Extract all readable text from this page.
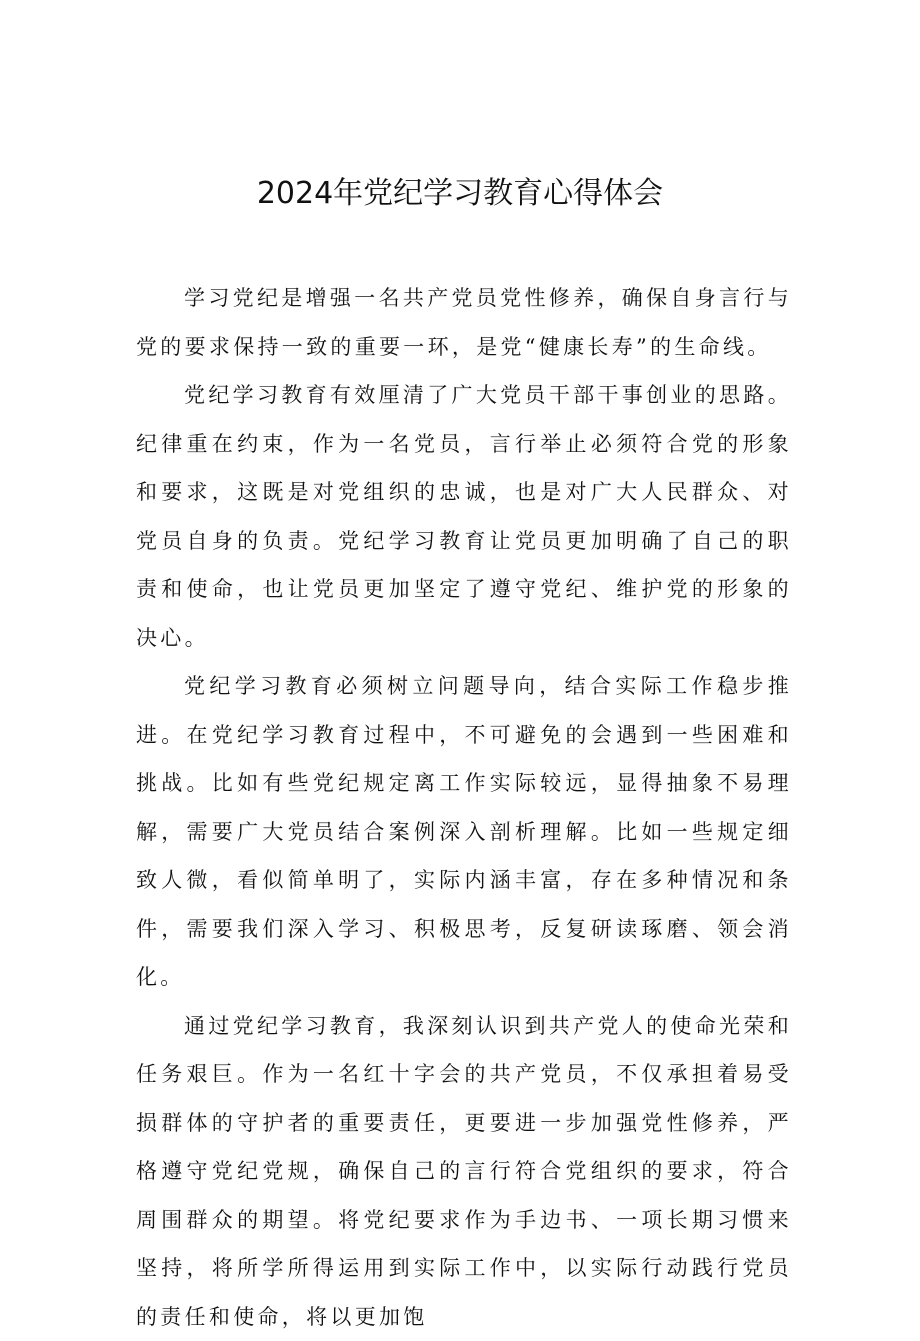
2024年党纪学习教育心得体会

学习党纪是增强一名共产党员党性修养，确保自身言行与党的要求保持一致的重要一环，是党“健康长寿”的生命线。

党纪学习教育有效厘清了广大党员干部干事创业的思路。纪律重在约束，作为一名党员，言行举止必须符合党的形象和要求，这既是对党组织的忠诚，也是对广大人民群众、对党员自身的负责。党纪学习教育让党员更加明确了自己的职责和使命，也让党员更加坚定了遵守党纪、维护党的形象的决心。

党纪学习教育必须树立问题导向，结合实际工作稳步推进。在党纪学习教育过程中，不可避免的会遇到一些困难和挑战。比如有些党纪规定离工作实际较远，显得抽象不易理解，需要广大党员结合案例深入剖析理解。比如一些规定细致人微，看似简单明了，实际内涵丰富，存在多种情况和条件，需要我们深入学习、积极思考，反复研读琢磨、领会消化。

通过党纪学习教育，我深刻认识到共产党人的使命光荣和任务艰巨。作为一名红十字会的共产党员，不仅承担着易受损群体的守护者的重要责任，更要进一步加强党性修养，严格遵守党纪党规，确保自己的言行符合党组织的要求，符合周围群众的期望。将党纪要求作为手边书、一项长期习惯来坚持，将所学所得运用到实际工作中，以实际行动践行党员的责任和使命，将以更加饱
